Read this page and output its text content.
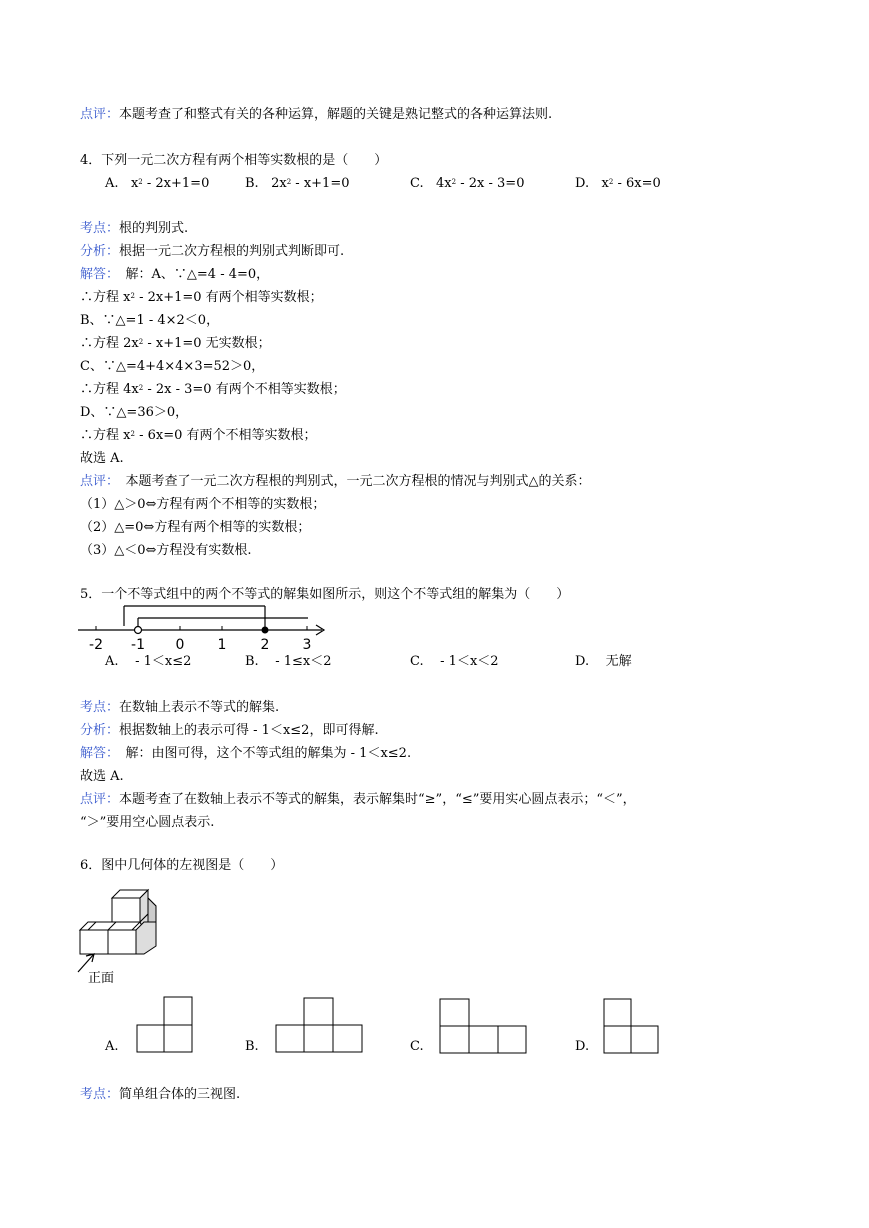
点评：本题考查了和整式有关的各种运算，解题的关键是熟记整式的各种运算法则.
4．下列一元二次方程有两个相等实数根的是（　　）
A. $x^2 - 2x+1=0$	B. $2x^2 - x+1=0$	C. $4x^2 - 2x - 3=0$	D. $x^2 - 6x=0$
考点：根的判别式.
分析：根据一元二次方程根的判别式判断即可.
解答：　解：A、∵△=4 - 4=0，
∴方程 $x^2 - 2x+1=0$ 有两个相等实数根；
B、∵△=1 - 4×2＜0，
∴方程 $2x^2 - x+1=0$ 无实数根；
C、∵△=4+4×4×3=52＞0，
∴方程 $4x^2 - 2x - 3=0$ 有两个不相等实数根；
D、∵△=36＞0，
∴方程 $x^2 - 6x=0$ 有两个不相等实数根；
故选 A.
点评：　本题考查了一元二次方程根的判别式，一元二次方程根的情况与判别式△的关系：
（1）△＞0⇔方程有两个不相等的实数根；
（2）△=0⇔方程有两个相等的实数根；
（3）△＜0⇔方程没有实数根.
5．一个不等式组中的两个不等式的解集如图所示，则这个不等式组的解集为（　　）
-2 -1 0 1 2 3
A. - 1＜x≤2	B. - 1≤x＜2	C. - 1＜x＜2	D. 无解
考点：在数轴上表示不等式的解集.
分析：根据数轴上的表示可得 - 1＜x≤2，即可得解.
解答：　解：由图可得，这个不等式组的解集为 - 1＜x≤2.
故选 A.
点评：本题考查了在数轴上表示不等式的解集，表示解集时“≥”，“≤”要用实心圆点表示；“＜”，
“＞”要用空心圆点表示.
6．图中几何体的左视图是（　　）
正面
A.	B.	C.	D.
考点：简单组合体的三视图.
